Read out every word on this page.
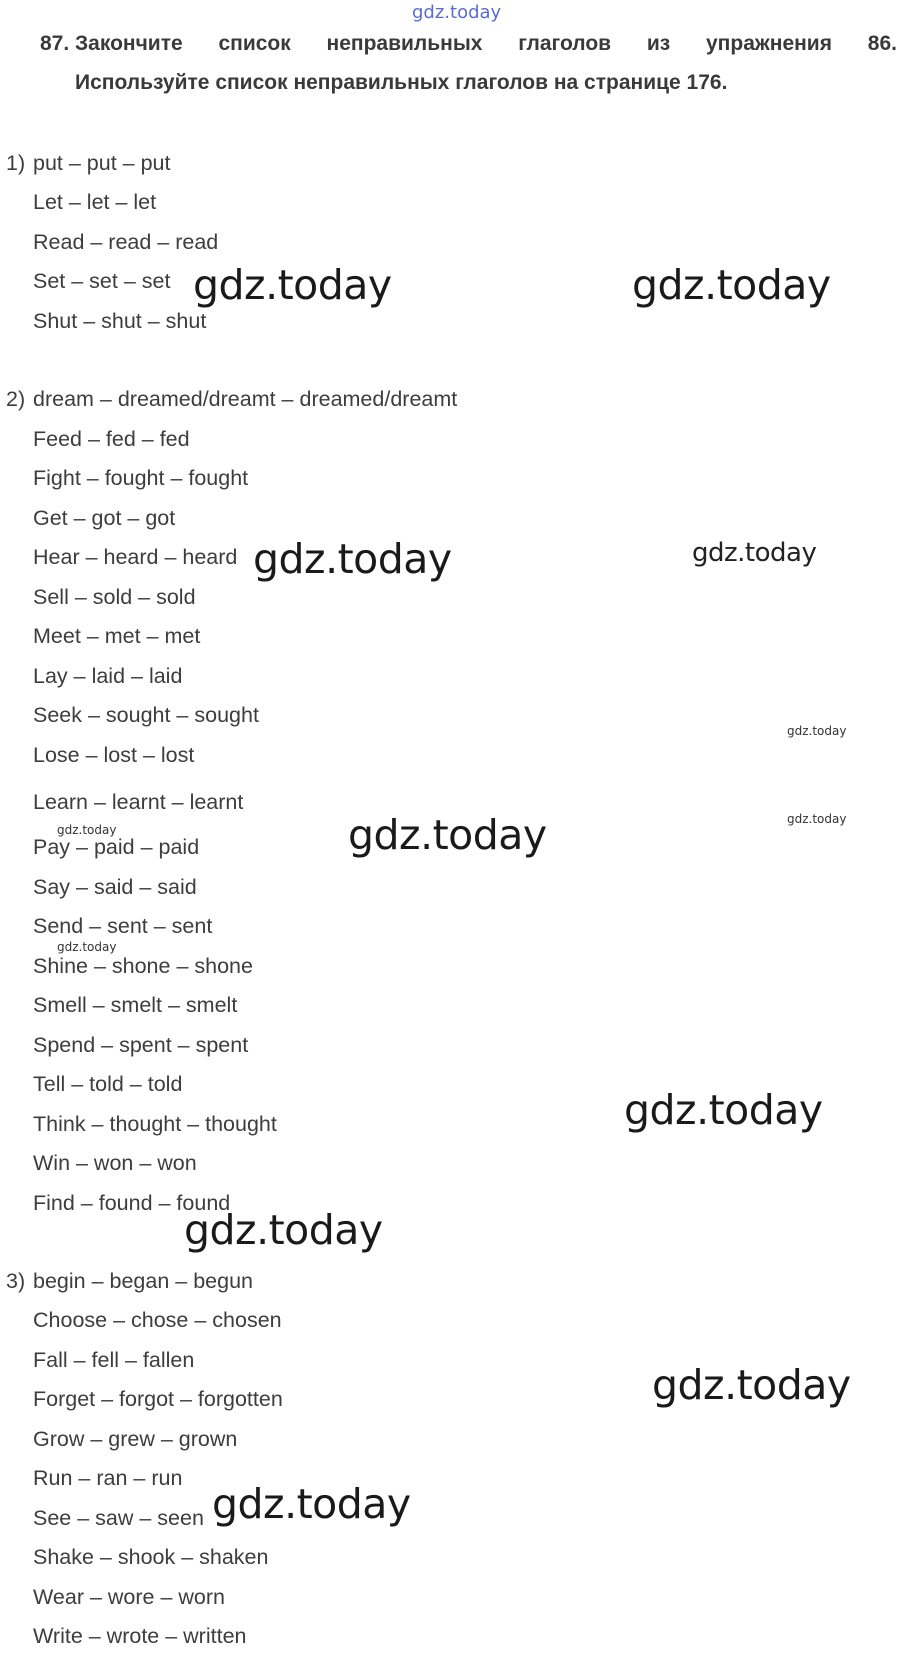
gdz.today
87. Закончите список неправильных глаголов из упражнения 86.
Используйте список неправильных глаголов на странице 176.
1)
2)
3)
put – put – put
Let – let – let
Read – read – read
Set – set – set
Shut – shut – shut
dream – dreamed/dreamt – dreamed/dreamt
Feed – fed – fed
Fight – fought – fought
Get – got – got
Hear – heard – heard
Sell – sold – sold
Meet – met – met
Lay – laid – laid
Seek – sought – sought
Lose – lost – lost
Learn – learnt – learnt
Pay – paid – paid
Say – said – said
Send – sent – sent
Shine – shone – shone
Smell – smelt – smelt
Spend – spent – spent
Tell – told – told
Think – thought – thought
Win – won – won
Find – found – found
begin – began – begun
Choose – chose – chosen
Fall – fell – fallen
Forget – forgot – forgotten
Grow – grew – grown
Run – ran – run
See – saw – seen
Shake – shook – shaken
Wear – wore – worn
Write – wrote – written
gdz.today	gdz.today
gdz.today	gdz.today
gdz.today
gdz.today
gdz.today	gdz.today
gdz.today
gdz.today
gdz.today
gdz.today
gdz.today
